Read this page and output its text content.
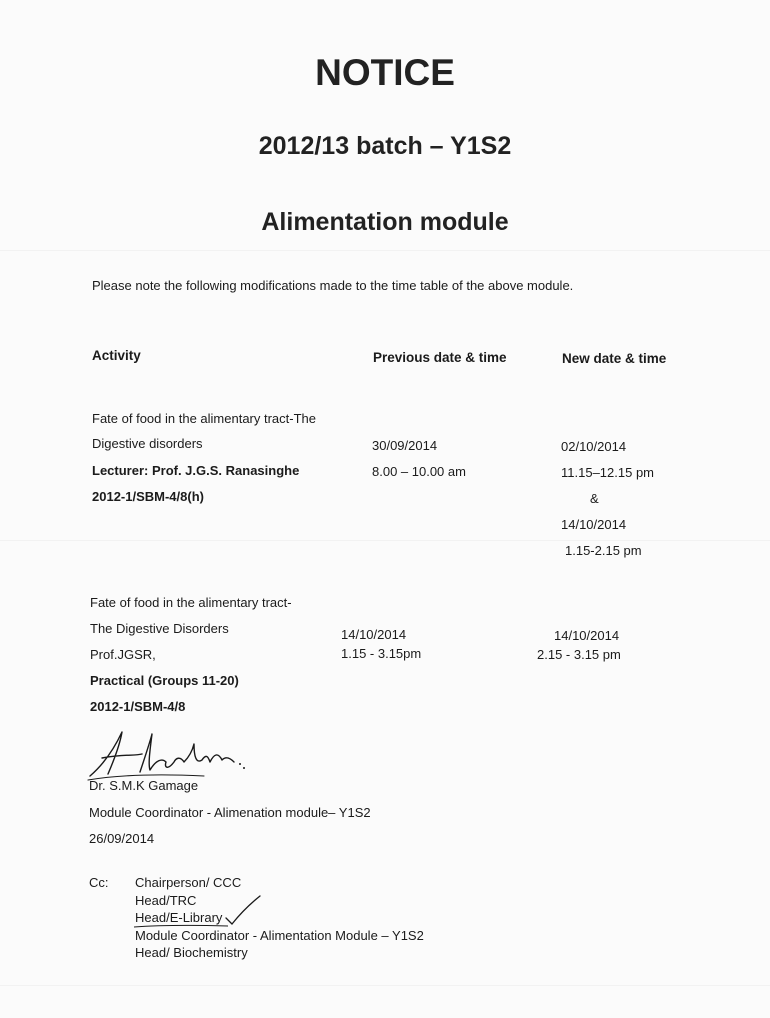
NOTICE
2012/13 batch – Y1S2
Alimentation module
Please note the following modifications made to the time table of the above module.
Activity	Previous date & time	New date & time
Fate of food in the alimentary tract-The
Digestive disorders
Lecturer: Prof. J.G.S. Ranasinghe
2012-1/SBM-4/8(h)
30/09/2014
8.00 – 10.00 am
02/10/2014
11.15–12.15 pm
&
14/10/2014
1.15-2.15 pm
Fate of food in the alimentary tract-
The Digestive Disorders
Prof.JGSR,
Practical (Groups 11-20)
2012-1/SBM-4/8
14/10/2014
1.15 - 3.15pm
14/10/2014
2.15 - 3.15 pm
Dr. S.M.K Gamage
Module Coordinator - Alimenation module– Y1S2
26/09/2014
Cc: Chairperson/ CCC
Head/TRC
Head/E-Library
Module Coordinator - Alimentation Module – Y1S2
Head/ Biochemistry
